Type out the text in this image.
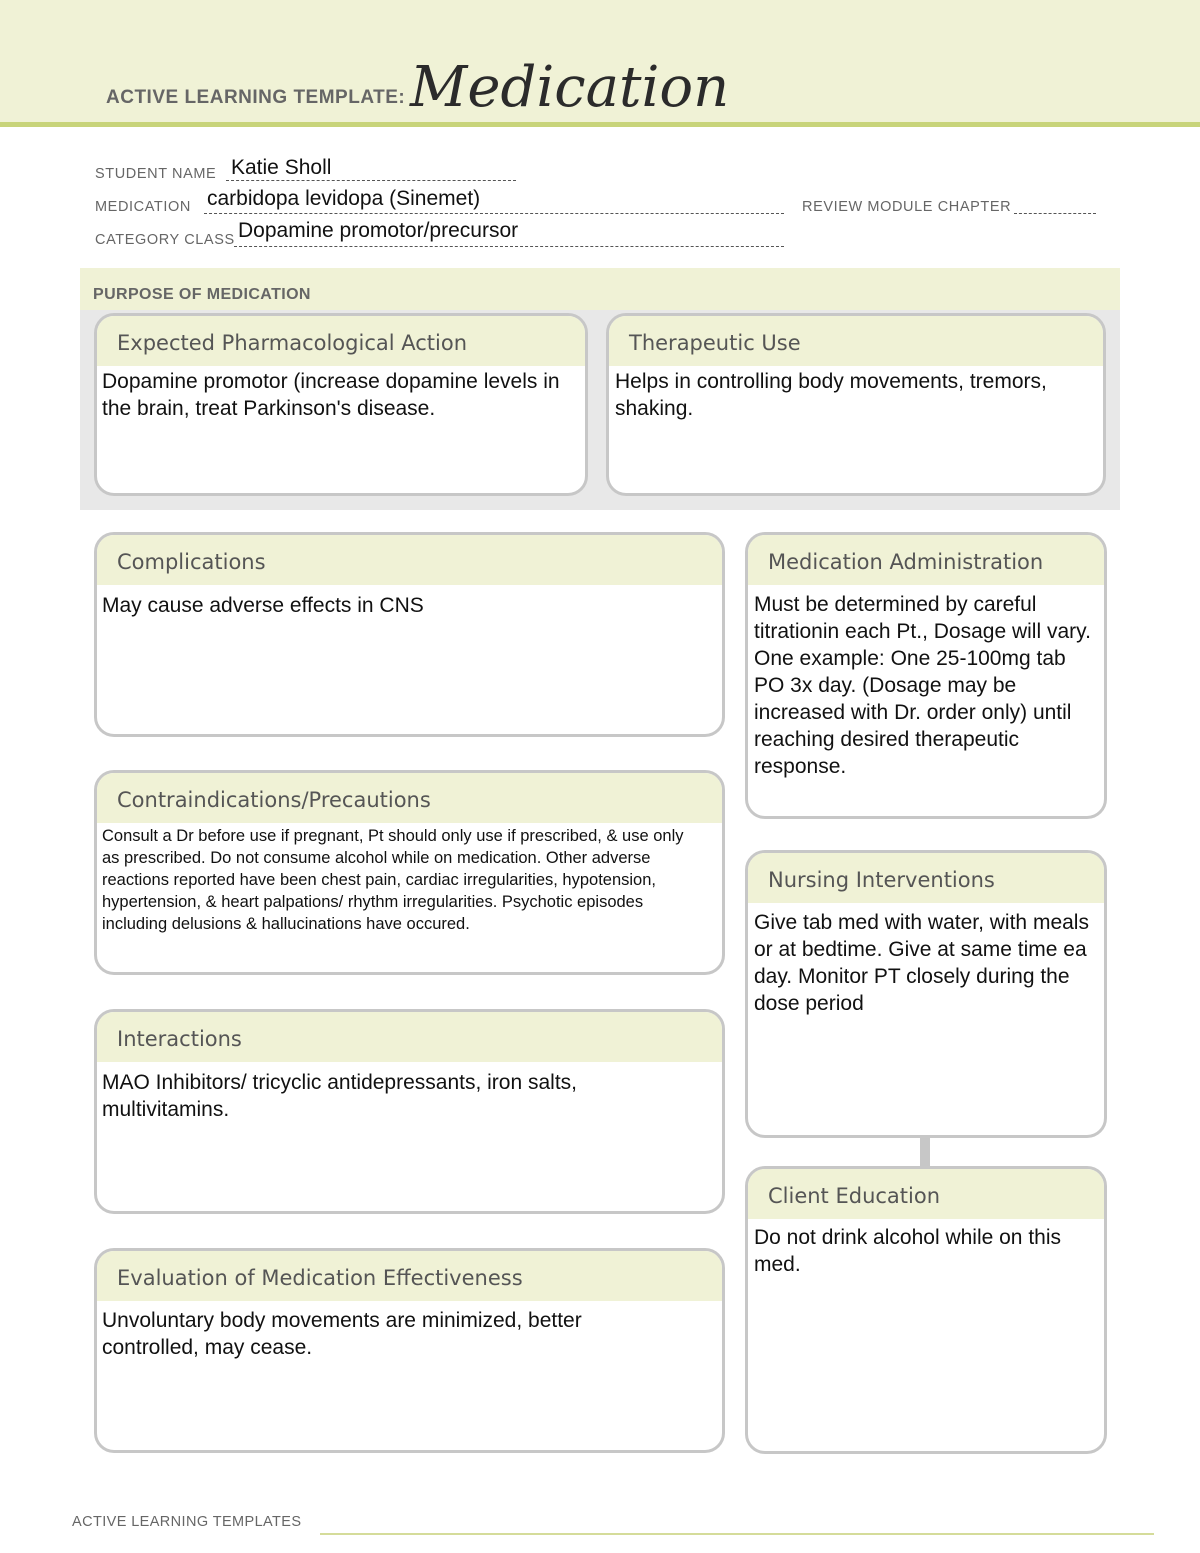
ACTIVE LEARNING TEMPLATE: Medication
STUDENT NAME Katie Sholl
MEDICATION carbidopa levidopa (Sinemet)	REVIEW MODULE CHAPTER
CATEGORY CLASS Dopamine promotor/precursor
PURPOSE OF MEDICATION
Expected Pharmacological Action
Dopamine promotor (increase dopamine levels in the brain, treat Parkinson's disease.
Therapeutic Use
Helps in controlling body movements, tremors, shaking.
Complications
May cause adverse effects in CNS
Contraindications/Precautions
Consult a Dr before use if pregnant, Pt should only use if prescribed, & use only as prescribed. Do not consume alcohol while on medication. Other adverse reactions reported have been chest pain, cardiac irregularities, hypotension, hypertension, & heart palpations/ rhythm irregularities. Psychotic episodes including delusions & hallucinations have occured.
Interactions
MAO Inhibitors/ tricyclic antidepressants, iron salts, multivitamins.
Evaluation of Medication Effectiveness
Unvoluntary body movements are minimized, better controlled, may cease.
Medication Administration
Must be determined by careful titrationin each Pt., Dosage will vary. One example: One 25-100mg tab PO 3x day. (Dosage may be increased with Dr. order only) until reaching desired therapeutic response.
Nursing Interventions
Give tab med with water, with meals or at bedtime. Give at same time ea day. Monitor PT closely during the dose period
Client Education
Do not drink alcohol while on this med.
ACTIVE LEARNING TEMPLATES
